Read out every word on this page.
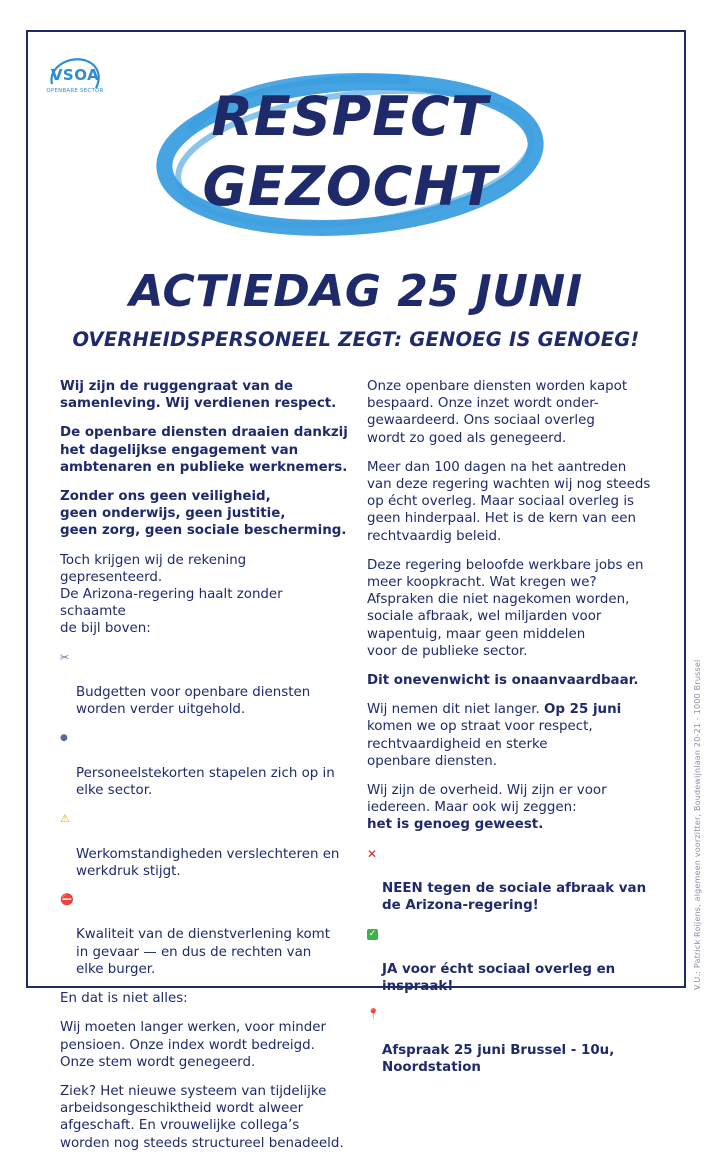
VSOA
OPENBARE SECTOR	RESPECT
GEZOCHT
ACTIEDAG 25 JUNI
OVERHEIDSPERSONEEL ZEGT: GENOEG IS GENOEG!

Wij zijn de ruggengraat van de
samenleving. Wij verdienen respect.

De openbare diensten draaien dankzij
het dagelijkse engagement van
ambtenaren en publieke werknemers.

Zonder ons geen veiligheid,
geen onderwijs, geen justitie,
geen zorg, geen sociale bescherming.

Toch krijgen wij de rekening gepresenteerd.
De Arizona-regering haalt zonder schaamte
de bijl boven:

✂

Budgetten voor openbare diensten
worden verder uitgehold.

●

Personeelstekorten stapelen zich op in
elke sector.

⚠

Werkomstandigheden verslechteren en
werkdruk stijgt.

⛔

Kwaliteit van de dienstverlening komt
in gevaar — en dus de rechten van
elke burger.

En dat is niet alles:

Wij moeten langer werken, voor minder
pensioen. Onze index wordt bedreigd.
Onze stem wordt genegeerd.

Ziek? Het nieuwe systeem van tijdelijke
arbeidsongeschiktheid wordt alweer
afgeschaft. En vrouwelijke collega’s
worden nog steeds structureel benadeeld.

Onze openbare diensten worden kapot
bespaard. Onze inzet wordt onder-
gewaardeerd. Ons sociaal overleg
wordt zo goed als genegeerd.

Meer dan 100 dagen na het aantreden
van deze regering wachten wij nog steeds
op écht overleg. Maar sociaal overleg is
geen hinderpaal. Het is de kern van een
rechtvaardig beleid.

Deze regering beloofde werkbare jobs en
meer koopkracht. Wat kregen we?
Afspraken die niet nagekomen worden,
sociale afbraak, wel miljarden voor
wapentuig, maar geen middelen
voor de publieke sector.

Dit onevenwicht is onaanvaardbaar.

Wij nemen dit niet langer. Op 25 juni
komen we op straat voor respect,
rechtvaardigheid en sterke
openbare diensten.

Wij zijn de overheid. Wij zijn er voor
iedereen. Maar ook wij zeggen:
het is genoeg geweest.

✕

NEEN tegen de sociale afbraak van
de Arizona-regering!

✓

JA voor écht sociaal overleg en
inspraak!

📍

Afspraak 25 juni Brussel - 10u,
Noordstation

V.U.: Patrick Roijens, algemeen voorzitter, Boudewijnlaan 20-21 - 1000 Brussel
